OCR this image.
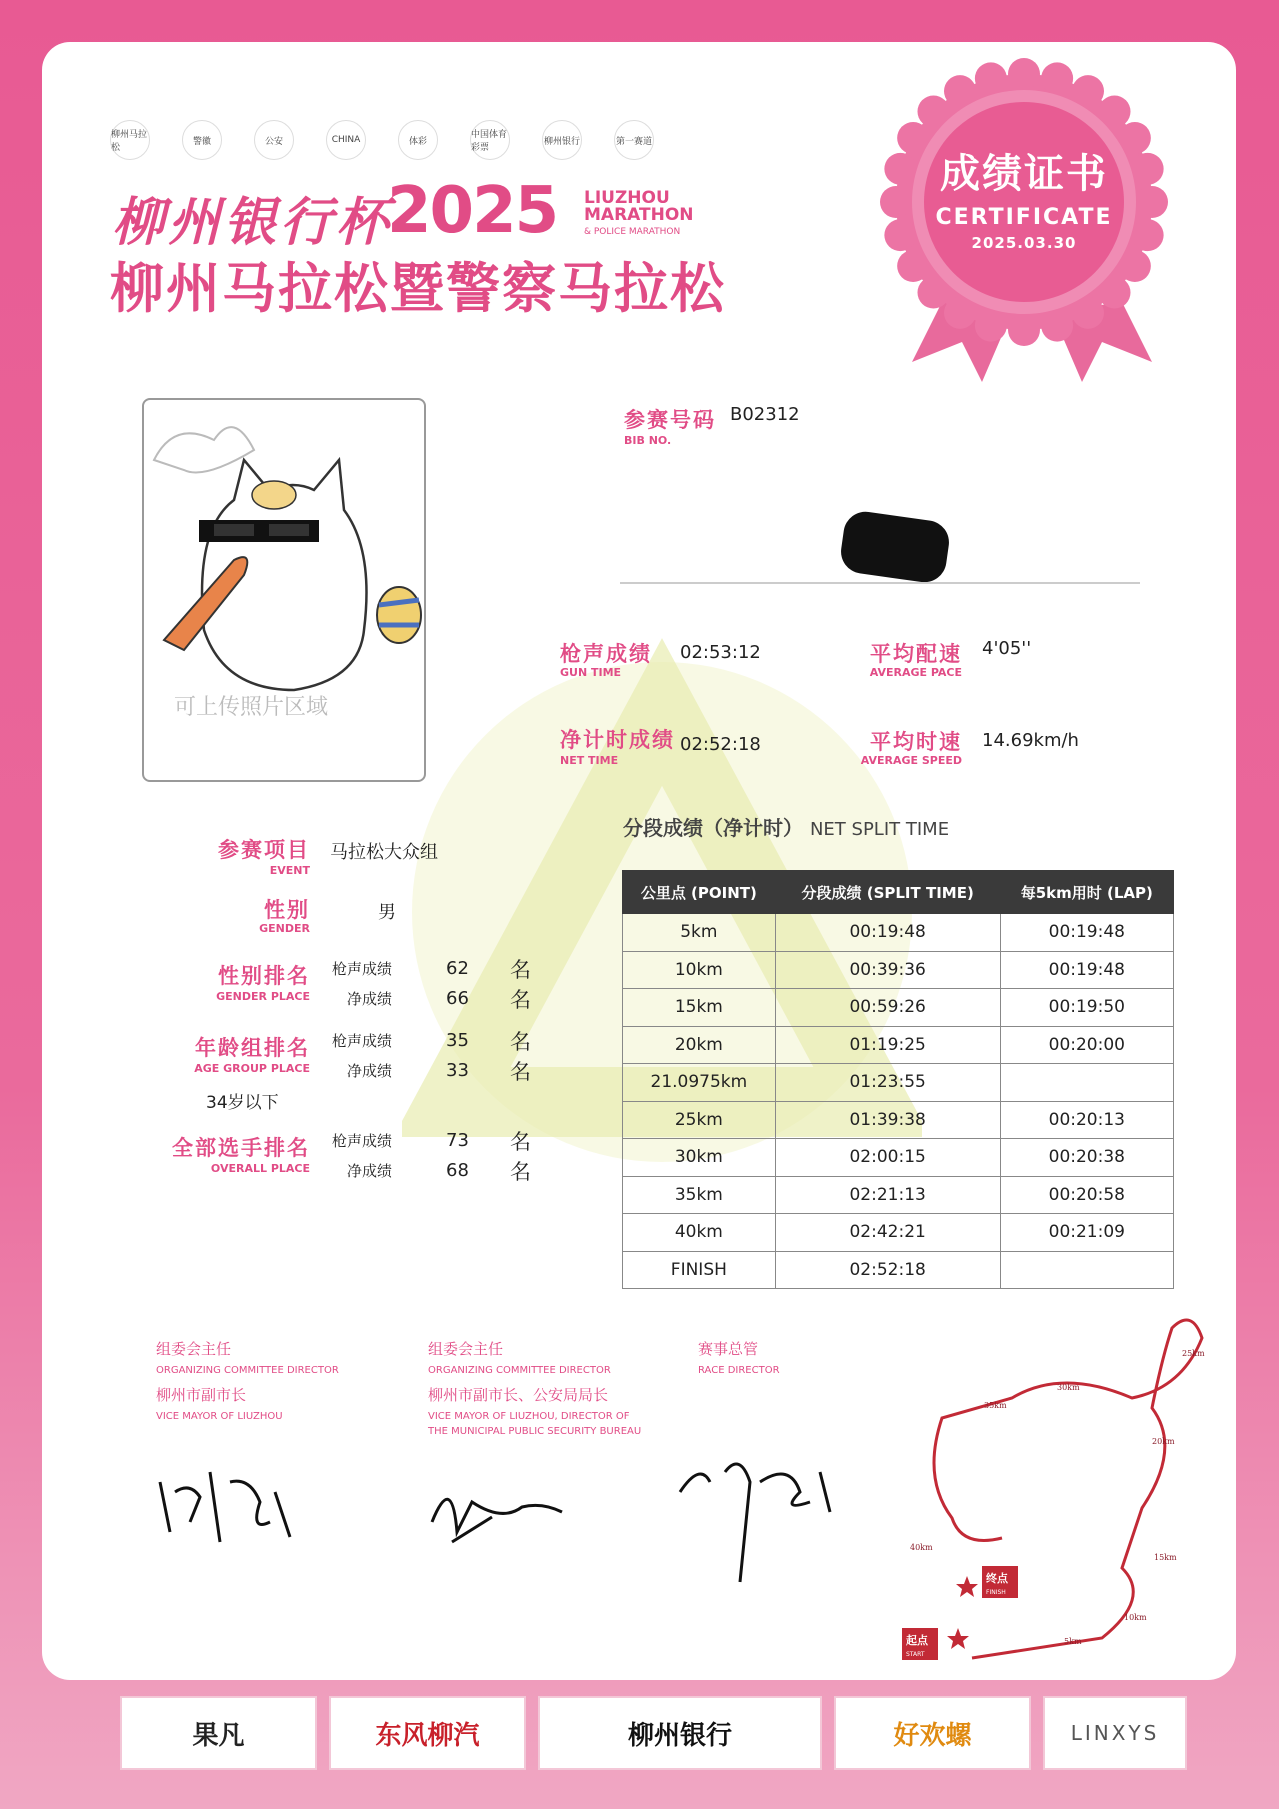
柳州马拉松
警徽	公安	CHINA	体彩
中国体育彩票
柳州银行	第一赛道
柳州银行杯
2025 LIUZHOU
MARATHON
& POLICE MARATHON
柳州马拉松暨警察马拉松
成绩证书
CERTIFICATE
2025.03.30
可上传照片区域
参赛号码
BIB NO.
B02312
枪声成绩
GUN TIME
02:53:12	平均配速
AVERAGE PACE
4'05''
净计时成绩
NET TIME
02:52:18	平均时速
AVERAGE SPEED
14.69km/h
参赛项目
EVENT
马拉松大众组
性别
GENDER
男
性别排名
GENDER PLACE
枪声成绩	62 名
净成绩	66 名
年龄组排名
AGE GROUP PLACE
34岁以下
枪声成绩	35 名
净成绩	33 名
全部选手排名
OVERALL PLACE
枪声成绩	73 名
净成绩	68 名
分段成绩（净计时） NET SPLIT TIME
公里点 (POINT)	分段成绩 (SPLIT TIME)	每5km用时 (LAP)
5km	00:19:48	00:19:48
10km	00:39:36	00:19:48
15km	00:59:26	00:19:50
20km	01:19:25	00:20:00
21.0975km	01:23:55	
25km	01:39:38	00:20:13
30km	02:00:15	00:20:38
35km	02:21:13	00:20:58
40km	02:42:21	00:21:09
FINISH	02:52:18	
组委会主任
ORGANIZING COMMITTEE DIRECTOR
柳州市副市长
VICE MAYOR OF LIUZHOU
组委会主任
ORGANIZING COMMITTEE DIRECTOR
柳州市副市长、公安局局长
VICE MAYOR OF LIUZHOU, DIRECTOR OF THE MUNICIPAL PUBLIC SECURITY BUREAU
赛事总管
RACE DIRECTOR
25km
30km
35km
20km
40km
15km
10km
5km
终点
FINISH
起点
START
果凡	东风柳汽	柳州银行	好欢螺	LINXYS
